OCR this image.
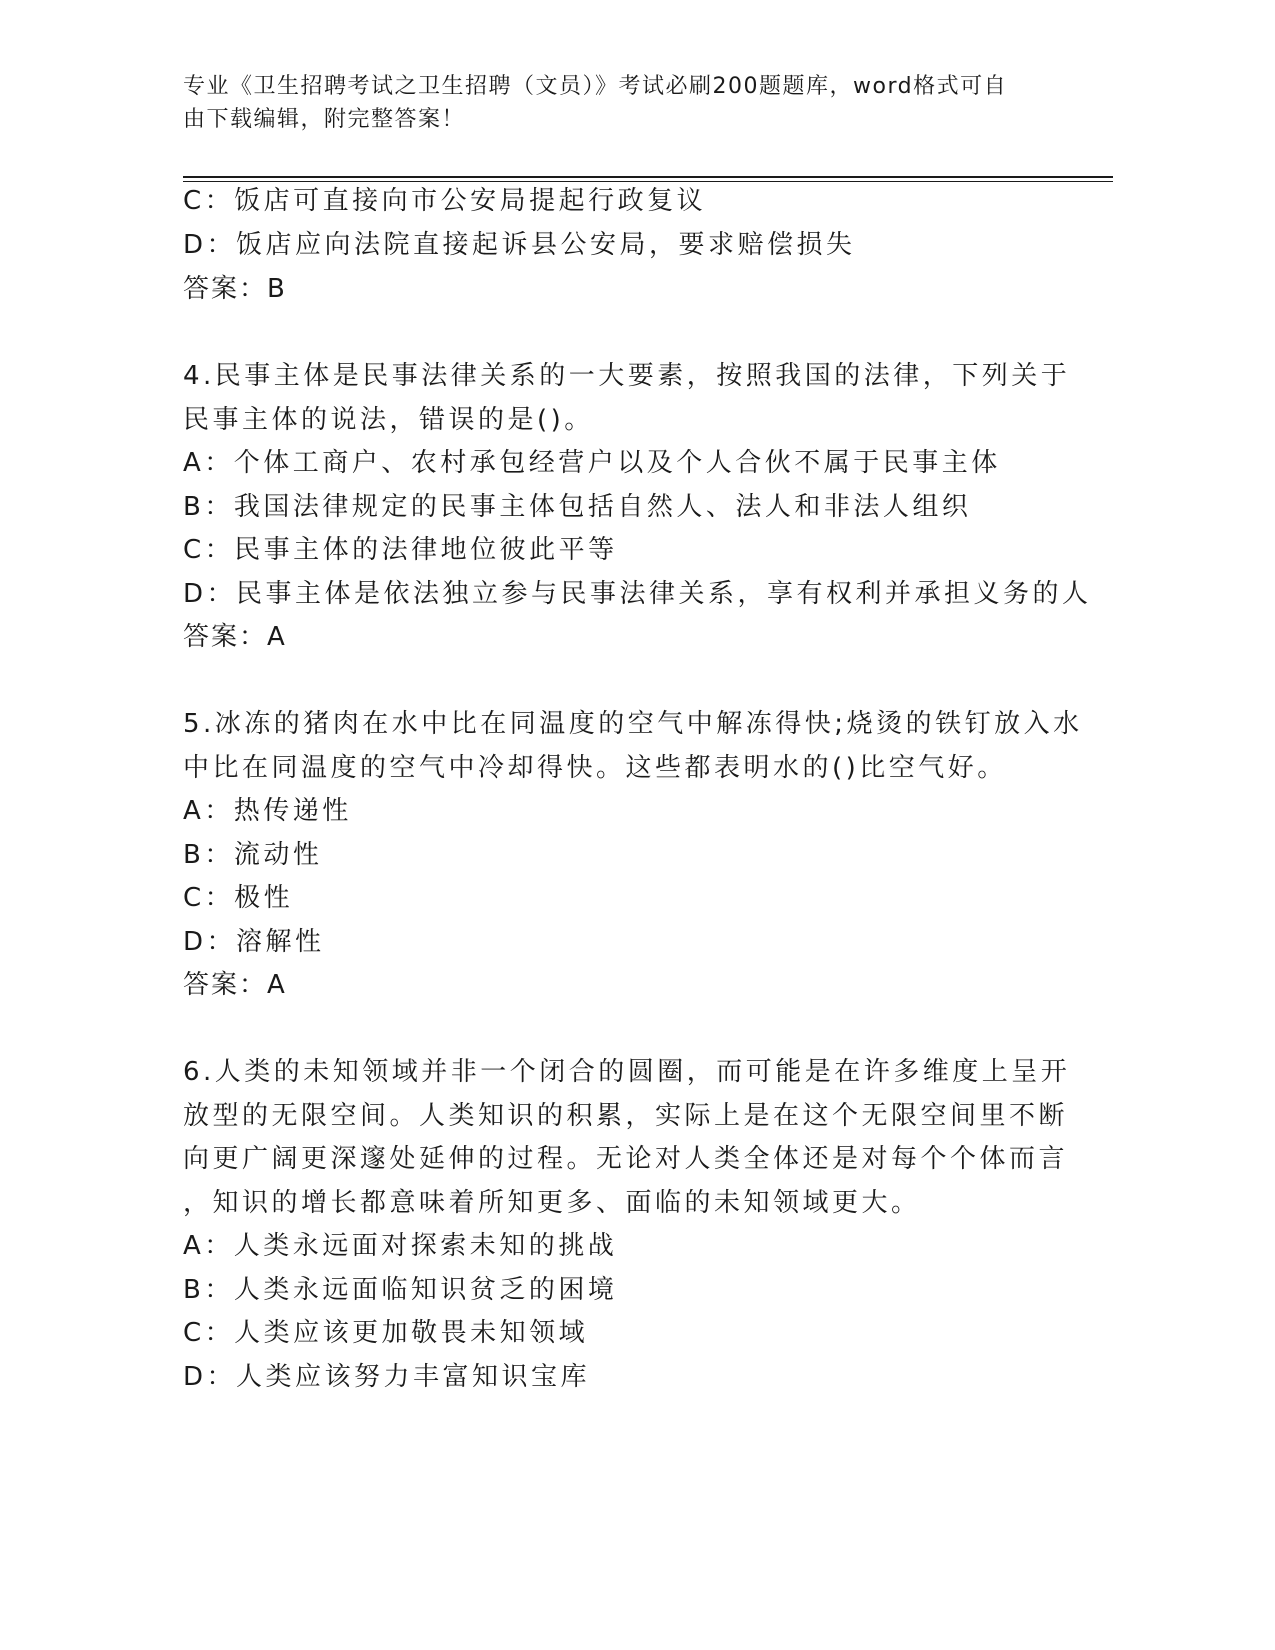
专业《卫生招聘考试之卫生招聘（文员）》考试必刷200题题库，word格式可自
由下载编辑，附完整答案！
C：饭店可直接向市公安局提起行政复议
D：饭店应向法院直接起诉县公安局，要求赔偿损失
答案：B
4.民事主体是民事法律关系的一大要素，按照我国的法律，下列关于
民事主体的说法，错误的是()。
A：个体工商户、农村承包经营户以及个人合伙不属于民事主体
B：我国法律规定的民事主体包括自然人、法人和非法人组织
C：民事主体的法律地位彼此平等
D：民事主体是依法独立参与民事法律关系，享有权利并承担义务的人
答案：A
5.冰冻的猪肉在水中比在同温度的空气中解冻得快;烧烫的铁钉放入水
中比在同温度的空气中冷却得快。这些都表明水的()比空气好。
A：热传递性
B：流动性
C：极性
D：溶解性
答案：A
6.人类的未知领域并非一个闭合的圆圈，而可能是在许多维度上呈开
放型的无限空间。人类知识的积累，实际上是在这个无限空间里不断
向更广阔更深邃处延伸的过程。无论对人类全体还是对每个个体而言
，知识的增长都意味着所知更多、面临的未知领域更大。
A：人类永远面对探索未知的挑战
B：人类永远面临知识贫乏的困境
C：人类应该更加敬畏未知领域
D：人类应该努力丰富知识宝库
